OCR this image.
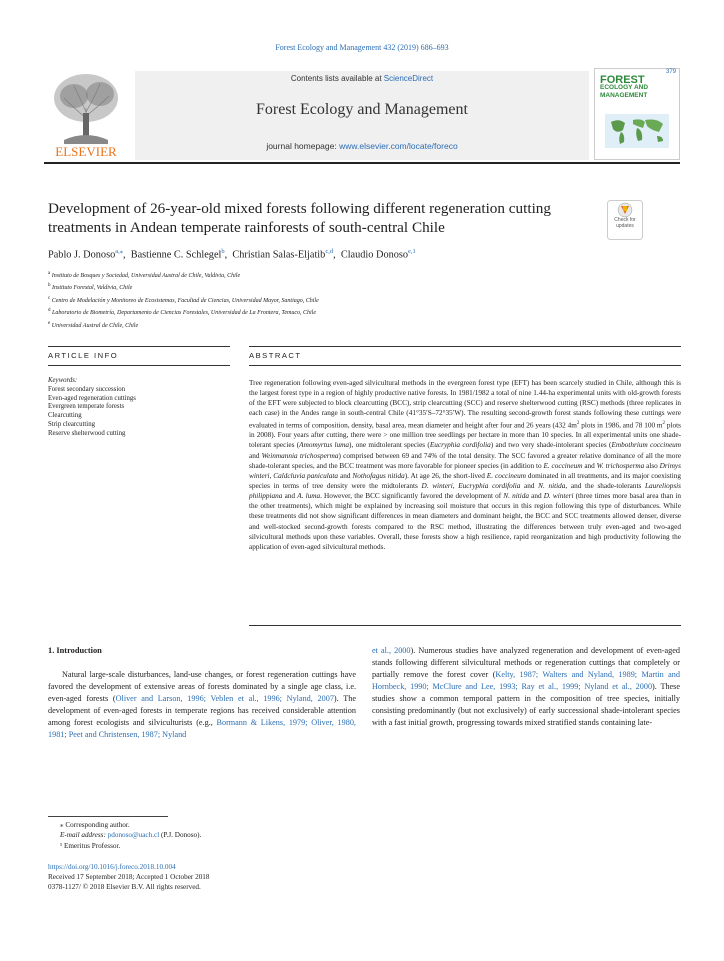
Forest Ecology and Management 432 (2019) 686–693
ELSEVIER
Contents lists available at ScienceDirect
Forest Ecology and Management
journal homepage: www.elsevier.com/locate/foreco
379
FOREST
ECOLOGY AND
MANAGEMENT
Development of 26-year-old mixed forests following different regeneration cutting treatments in Andean temperate rainforests of south-central Chile	Check for
updates
Pablo J. Donoso$^{a,⁎}$,  Bastienne C. Schlegel$^b$,  Christian Salas-Eljatib$^{c,d}$,  Claudio Donoso$^{e,1}$
$^a$ Instituto de Bosques y Sociedad, Universidad Austral de Chile, Valdivia, Chile
$^b$ Instituto Forestal, Valdivia, Chile
$^c$ Centro de Modelación y Monitoreo de Ecosistemas, Facultad de Ciencias, Universidad Mayor, Santiago, Chile
$^d$ Laboratorio de Biometría, Departamento de Ciencias Forestales, Universidad de La Frontera, Temuco, Chile
$^e$ Universidad Austral de Chile, Chile
ARTICLE INFO	ABSTRACT
Keywords:
Forest secondary succession
Even-aged regeneration cuttings
Evergreen temperate forests
Clearcutting
Strip clearcutting
Reserve shelterwood cutting
Tree regeneration following even-aged silvicultural methods in the evergreen forest type (EFT) has been scarcely studied in Chile, although this is the largest forest type in a region of highly productive native forests. In 1981/1982 a total of nine 1.44-ha experimental units with old-growth forests of the EFT were subjected to block clearcutting (BCC), strip clearcutting (SCC) and reserve shelterwood cutting (RSC) methods (three replicates in each case) in the Andes range in south-central Chile (41°35′S–72°35′W). The resulting second-growth forest stands following these cuttings were evaluated in terms of composition, density, basal area, mean diameter and height after four and 26 years (432 $4m^2$ plots in 1986, and 78 100 $m^2$ plots in 2008). Four years after cutting, there were > one million tree seedlings per hectare in more than 10 species. In all experimental units one shade-tolerant species (Amomyrtus luma), one midtolerant species (Eucryphia cordifolia) and two very shade-intolerant species (Embothrium coccineum and Weinmannia trichosperma) comprised between 69 and 74% of the total density. The SCC favored a greater relative dominance of all the more shade-tolerant species, and the BCC treatment was more favorable for pioneer species (in addition to E. coccineum and W. trichosperma also Drimys winteri, Caldcluvia paniculata and Nothofagus nitida). At age 26, the short-lived E. coccineum dominated in all treatments, and its major coexisting species in terms of tree density were the midtolerants D. winteri, Eucryphia cordifolia and N. nitida, and the shade-tolerants Laureliopsis philippiana and A. luma. However, the BCC significantly favored the development of N. nitida and D. winteri (three times more basal area than in the other treatments), which might be explained by increasing soil moisture that occurs in this region following this type of disturbances. While these treatments did not show significant differences in mean diameters and dominant height, the BCC and SCC treatments allowed denser, diverse and well-stocked second-growth forests compared to the RSC method, illustrating the differences between truly even-aged and two-aged silvicultural methods upon these variables. Overall, these forests show a high resilience, rapid reorganization and high productivity following the application of even-aged silvicultural methods.

1. Introduction

Natural large-scale disturbances, land-use changes, or forest regeneration cuttings have favored the development of extensive areas of forests dominated by a single age class, i.e. even-aged forests (Oliver and Larson, 1996; Veblen et al., 1996; Nyland, 2007). The development of even-aged forests in temperate regions has received considerable attention among forest ecologists and silviculturists (e.g., Bormann & Likens, 1979; Oliver, 1980, 1981; Peet and Christensen, 1987; Nyland

et al., 2000). Numerous studies have analyzed regeneration and development of even-aged stands following different silvicultural methods or regeneration cuttings that completely or partially remove the forest cover (Kelty, 1987; Walters and Nyland, 1989; Martin and Hornbeck, 1990; McClure and Lee, 1993; Ray et al., 1999; Nyland et al., 2000). These studies show a common temporal pattern in the composition of tree species, initially consisting predominantly (but not exclusively) of early successional shade-intolerant species with a fast initial growth, progressing towards mixed stratified stands containing late-

⁎ Corresponding author.
E-mail address: pdonoso@uach.cl (P.J. Donoso).
¹ Emeritus Professor.
https://doi.org/10.1016/j.foreco.2018.10.004
Received 17 September 2018; Accepted 1 October 2018
0378-1127/ © 2018 Elsevier B.V. All rights reserved.
